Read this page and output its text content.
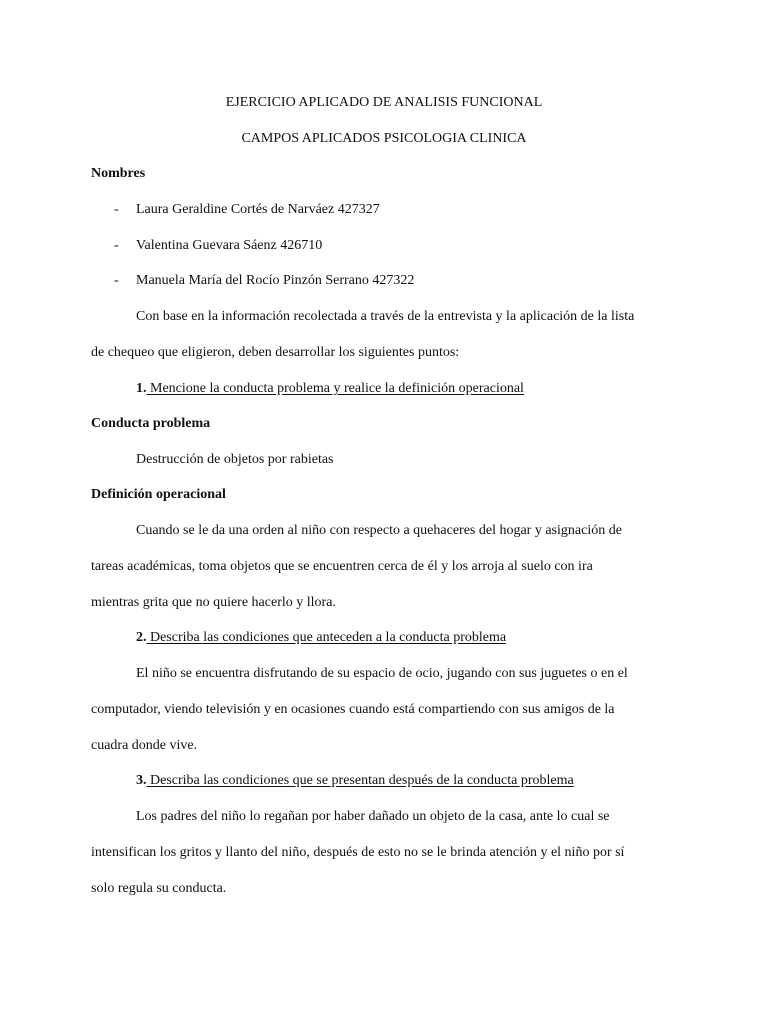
EJERCICIO APLICADO DE ANALISIS FUNCIONAL
CAMPOS APLICADOS PSICOLOGIA CLINICA
Nombres
- Laura Geraldine Cortés de Narváez 427327
- Valentina Guevara Sáenz 426710
- Manuela María del Rocío Pinzón Serrano 427322
Con base en la información recolectada a través de la entrevista y la aplicación de la lista
de chequeo que eligieron, deben desarrollar los siguientes puntos:
1. Mencione la conducta problema y realice la definición operacional
Conducta problema
Destrucción de objetos por rabietas
Definición operacional
Cuando se le da una orden al niño con respecto a quehaceres del hogar y asignación de
tareas académicas, toma objetos que se encuentren cerca de él y los arroja al suelo con ira
mientras grita que no quiere hacerlo y llora.
2. Describa las condiciones que anteceden a la conducta problema
El niño se encuentra disfrutando de su espacio de ocio, jugando con sus juguetes o en el
computador, viendo televisión y en ocasiones cuando está compartiendo con sus amigos de la
cuadra donde vive.
3. Describa las condiciones que se presentan después de la conducta problema
Los padres del niño lo regañan por haber dañado un objeto de la casa, ante lo cual se
intensifican los gritos y llanto del niño, después de esto no se le brinda atención y el niño por sí
solo regula su conducta.
